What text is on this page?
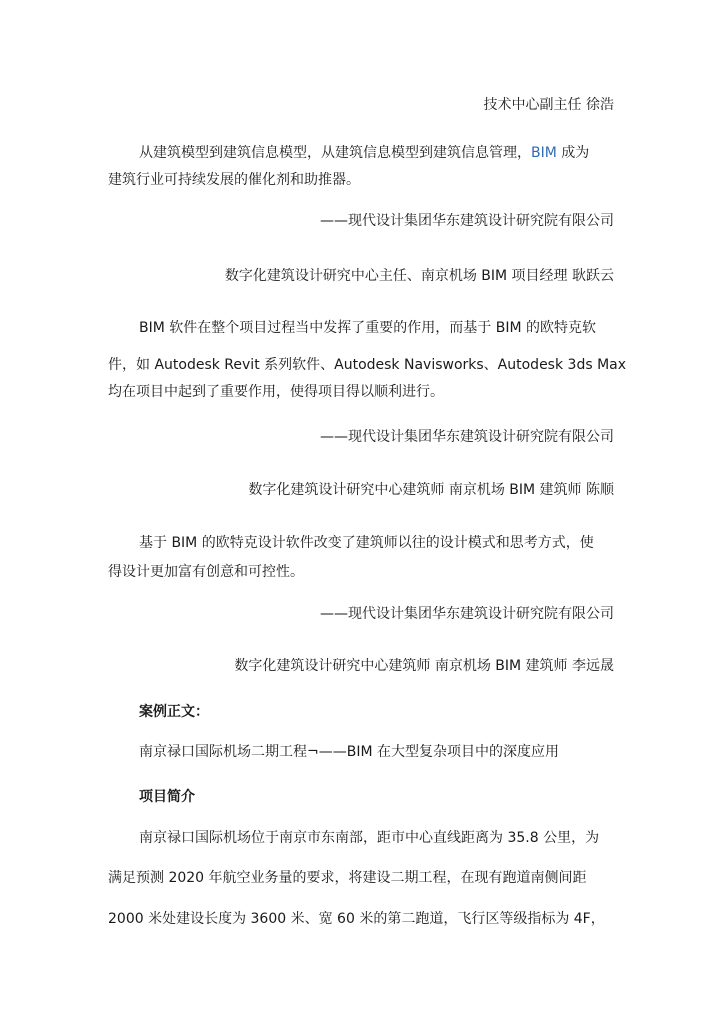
技术中心副主任 徐浩
从建筑模型到建筑信息模型，从建筑信息模型到建筑信息管理，BIM 成为
建筑行业可持续发展的催化剂和助推器。
——现代设计集团华东建筑设计研究院有限公司
数字化建筑设计研究中心主任、南京机场 BIM 项目经理 耿跃云
BIM 软件在整个项目过程当中发挥了重要的作用，而基于 BIM 的欧特克软
件，如 Autodesk Revit 系列软件、Autodesk Navisworks、Autodesk 3ds Max
均在项目中起到了重要作用，使得项目得以顺利进行。
——现代设计集团华东建筑设计研究院有限公司
数字化建筑设计研究中心建筑师 南京机场 BIM 建筑师 陈顺
基于 BIM 的欧特克设计软件改变了建筑师以往的设计模式和思考方式，使
得设计更加富有创意和可控性。
——现代设计集团华东建筑设计研究院有限公司
数字化建筑设计研究中心建筑师 南京机场 BIM 建筑师 李远晟
案例正文：
南京禄口国际机场二期工程¬——BIM 在大型复杂项目中的深度应用
项目简介
南京禄口国际机场位于南京市东南部，距市中心直线距离为 35.8 公里，为
满足预测 2020 年航空业务量的要求，将建设二期工程，在现有跑道南侧间距
2000 米处建设长度为 3600 米、宽 60 米的第二跑道，飞行区等级指标为 4F，
